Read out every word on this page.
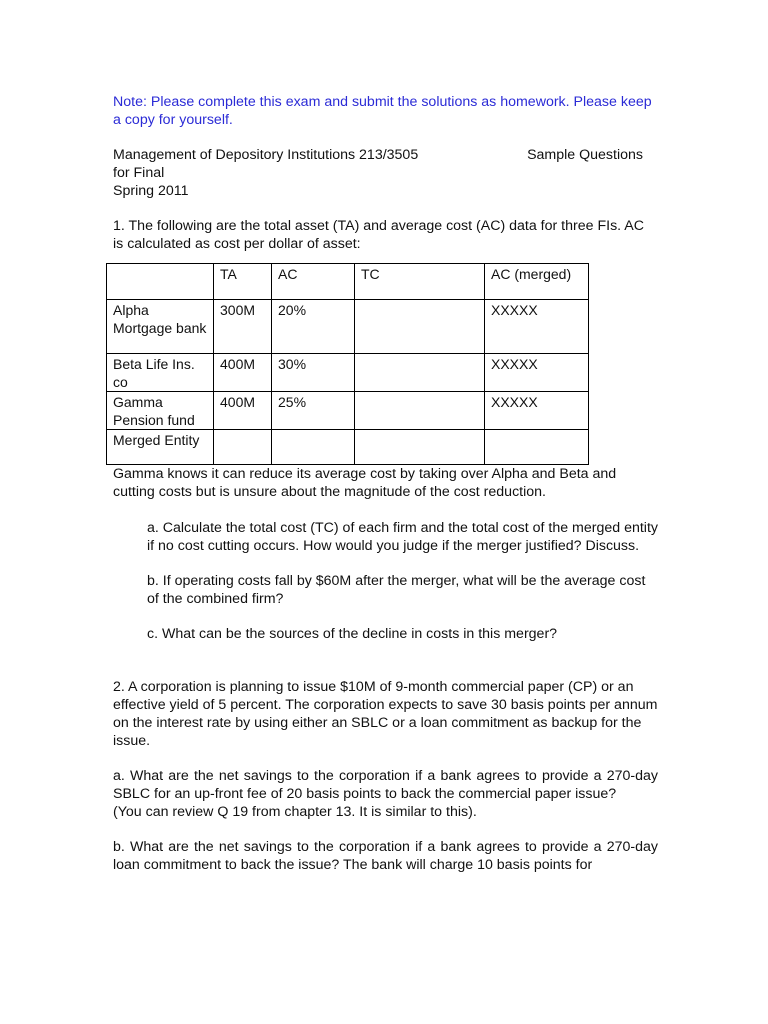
Note: Please complete this exam and submit the solutions as homework. Please keep a copy for yourself.

Management of Depository Institutions 213/3505	Sample Questions

for Final

Spring 2011

1. The following are the total asset (TA) and average cost (AC) data for three FIs. AC is calculated as cost per dollar of asset:

	TA	AC	TC	AC (merged)
Alpha Mortgage bank	300M	20%		XXXXX
Beta Life Ins. co	400M	30%		XXXXX
Gamma Pension fund	400M	25%		XXXXX
Merged Entity				

Gamma knows it can reduce its average cost by taking over Alpha and Beta and cutting costs but is unsure about the magnitude of the cost reduction.

a. Calculate the total cost (TC) of each firm and the total cost of the merged entity if no cost cutting occurs. How would you judge if the merger justified? Discuss.

b. If operating costs fall by $60M after the merger, what will be the average cost of the combined firm?

c. What can be the sources of the decline in costs in this merger?

2. A corporation is planning to issue $10M of 9-month commercial paper (CP) or an effective yield of 5 percent. The corporation expects to save 30 basis points per annum on the interest rate by using either an SBLC or a loan commitment as backup for the issue.

a. What are the net savings to the corporation if a bank agrees to provide a 270-day SBLC for an up-front fee of 20 basis points to back the commercial paper issue?

(You can review Q 19 from chapter 13. It is similar to this).

b. What are the net savings to the corporation if a bank agrees to provide a 270-day loan commitment to back the issue? The bank will charge 10 basis points for
